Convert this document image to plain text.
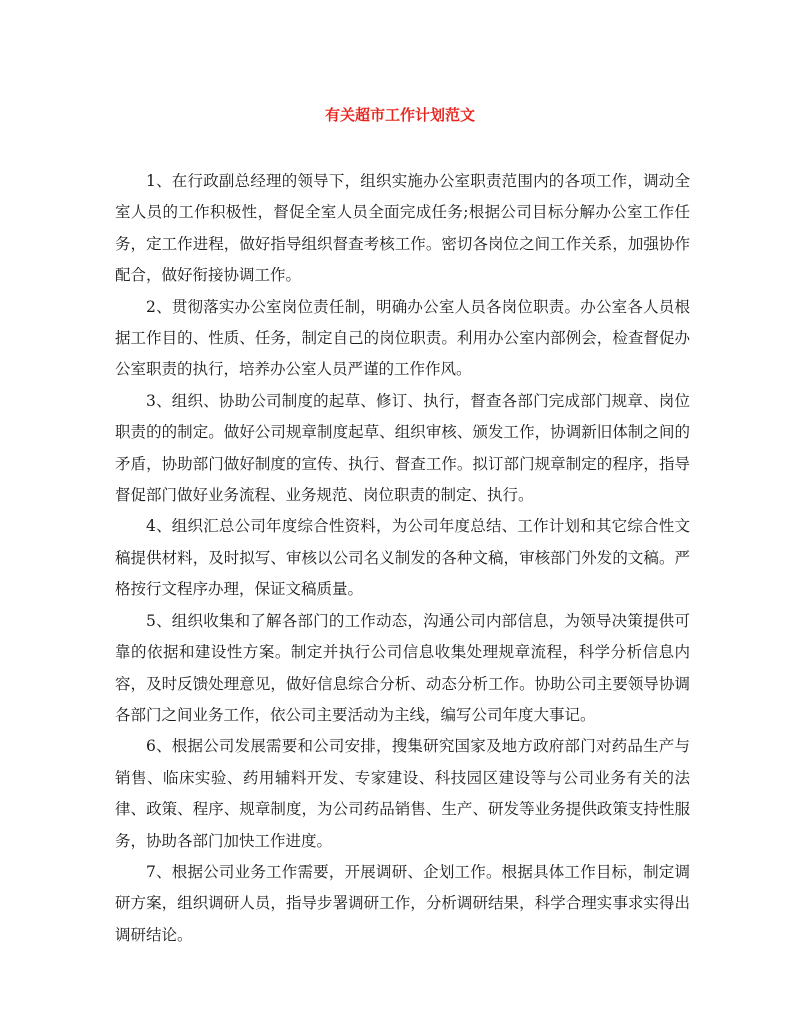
有关超市工作计划范文

1、在行政副总经理的领导下，组织实施办公室职责范围内的各项工作，调动全室人员的工作积极性，督促全室人员全面完成任务;根据公司目标分解办公室工作任务，定工作进程，做好指导组织督查考核工作。密切各岗位之间工作关系，加强协作配合，做好衔接协调工作。

2、贯彻落实办公室岗位责任制，明确办公室人员各岗位职责。办公室各人员根据工作目的、性质、任务，制定自己的岗位职责。利用办公室内部例会，检查督促办公室职责的执行，培养办公室人员严谨的工作作风。

3、组织、协助公司制度的起草、修订、执行，督查各部门完成部门规章、岗位职责的的制定。做好公司规章制度起草、组织审核、颁发工作，协调新旧体制之间的矛盾，协助部门做好制度的宣传、执行、督查工作。拟订部门规章制定的程序，指导督促部门做好业务流程、业务规范、岗位职责的制定、执行。

4、组织汇总公司年度综合性资料，为公司年度总结、工作计划和其它综合性文稿提供材料，及时拟写、审核以公司名义制发的各种文稿，审核部门外发的文稿。严格按行文程序办理，保证文稿质量。

5、组织收集和了解各部门的工作动态，沟通公司内部信息，为领导决策提供可靠的依据和建设性方案。制定并执行公司信息收集处理规章流程，科学分析信息内容，及时反馈处理意见，做好信息综合分析、动态分析工作。协助公司主要领导协调各部门之间业务工作，依公司主要活动为主线，编写公司年度大事记。

6、根据公司发展需要和公司安排，搜集研究国家及地方政府部门对药品生产与销售、临床实验、药用辅料开发、专家建设、科技园区建设等与公司业务有关的法律、政策、程序、规章制度，为公司药品销售、生产、研发等业务提供政策支持性服务，协助各部门加快工作进度。

7、根据公司业务工作需要，开展调研、企划工作。根据具体工作目标，制定调研方案，组织调研人员，指导步署调研工作，分析调研结果，科学合理实事求实得出调研结论。
